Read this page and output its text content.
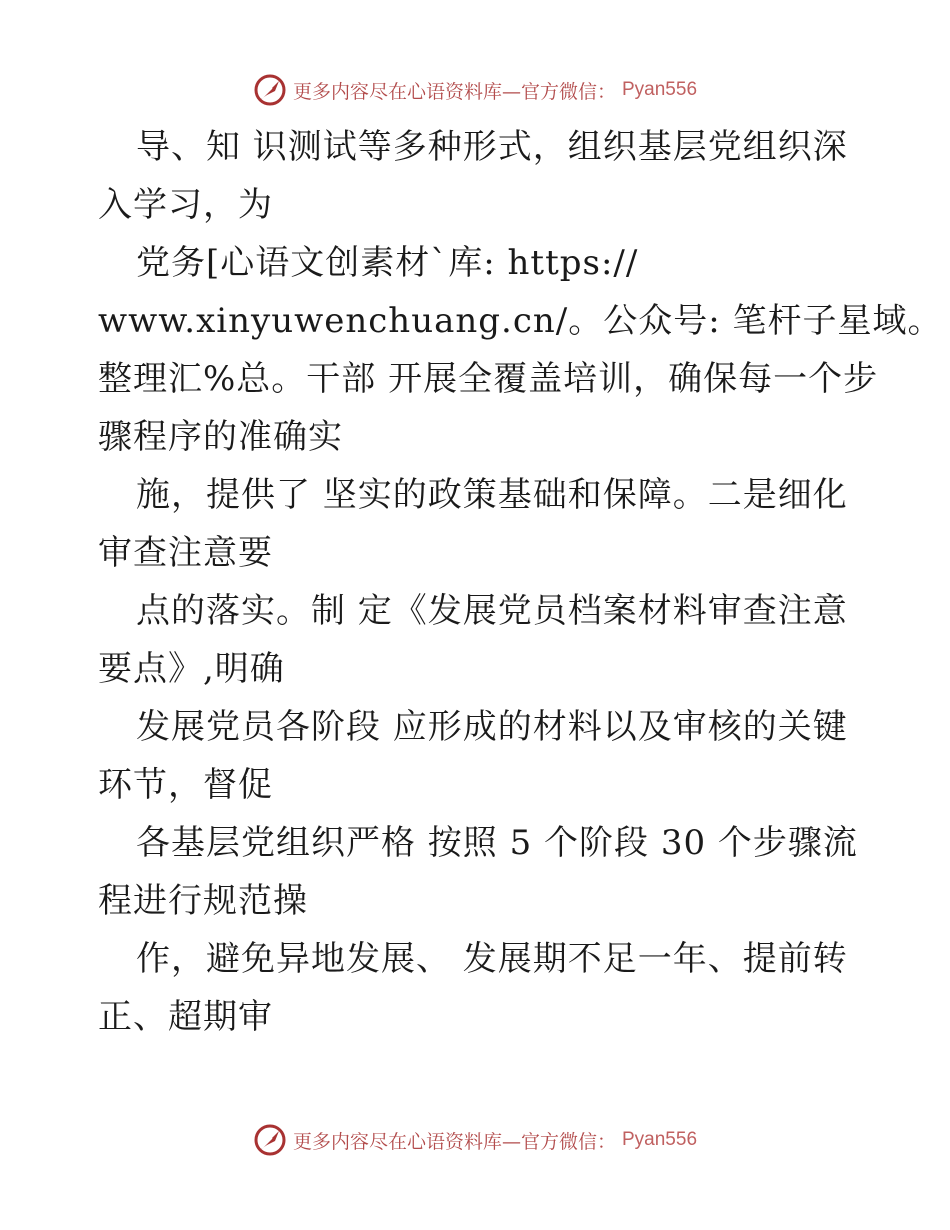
更多内容尽在心语资料库—官方微信： Pyan556
导、知 识测试等多种形式，组织基层党组织深
入学习，为
党务[心语文创素材`库: https://
www.xinyuwenchuang.cn/。公众号: 笔杆子星域。
整理汇%总。干部 开展全覆盖培训，确保每一个步
骤程序的准确实
施，提供了 坚实的政策基础和保障。二是细化
审查注意要
点的落实。制 定《发展党员档案材料审查注意
要点》,明确
发展党员各阶段 应形成的材料以及审核的关键
环节，督促
各基层党组织严格 按照 5 个阶段 30 个步骤流
程进行规范操
作，避免异地发展、 发展期不足一年、提前转
正、超期审
更多内容尽在心语资料库—官方微信： Pyan556
